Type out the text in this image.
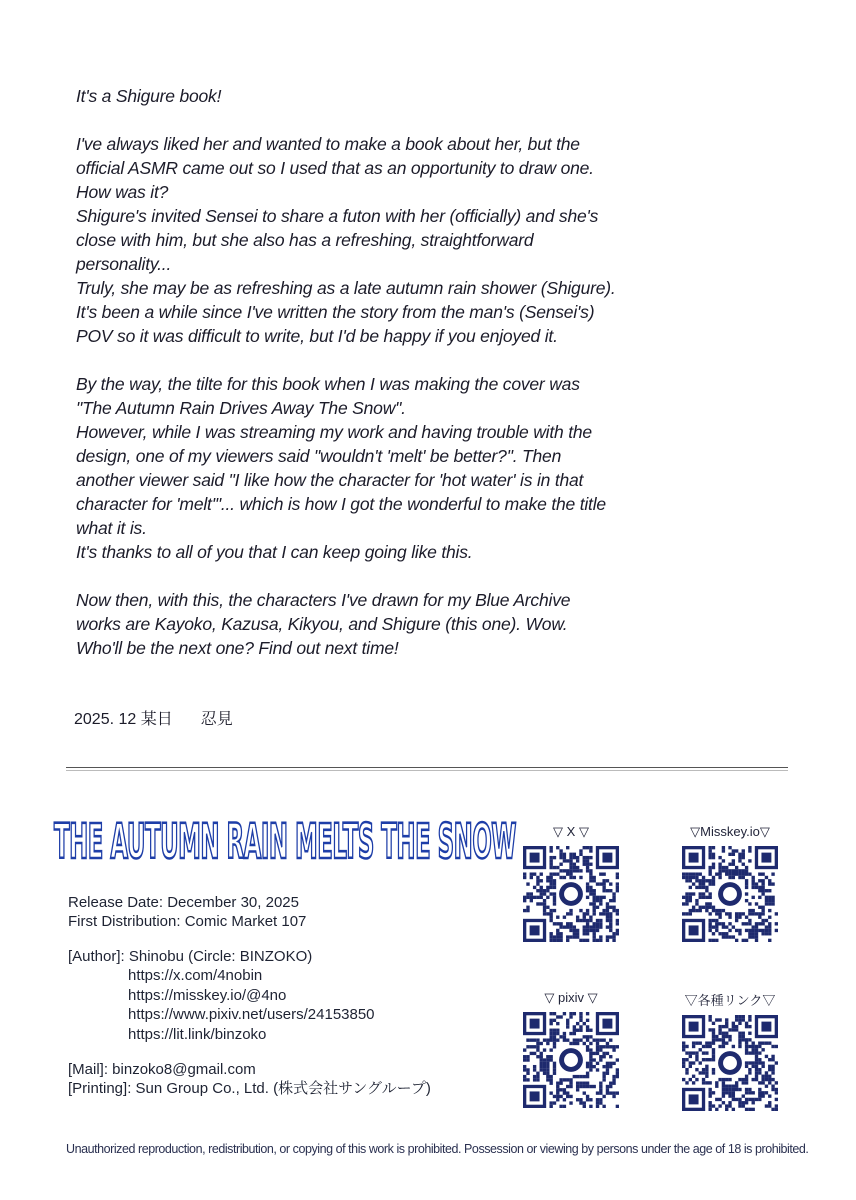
It's a Shigure book!

I've always liked her and wanted to make a book about her, but the
official ASMR came out so I used that as an opportunity to draw one.
How was it?
Shigure's invited Sensei to share a futon with her (officially) and she's
close with him, but she also has a refreshing, straightforward
personality...
Truly, she may be as refreshing as a late autumn rain shower (Shigure).
It's been a while since I've written the story from the man's (Sensei's)
POV so it was difficult to write, but I'd be happy if you enjoyed it.

By the way, the tilte for this book when I was making the cover was
"The Autumn Rain Drives Away The Snow".
However, while I was streaming my work and having trouble with the
design, one of my viewers said "wouldn't 'melt' be better?". Then
another viewer said "I like how the character for 'hot water' is in that
character for 'melt'"... which is how I got the wonderful to make the title
what it is.
It's thanks to all of you that I can keep going like this.

Now then, with this, the characters I've drawn for my Blue Archive
works are Kayoko, Kazusa, Kikyou, and Shigure (this one). Wow.
Who'll be the next one? Find out next time!

2025. 12 某日 忍見
THE AUTUMN RAIN MELTS THE SNOW
Release Date: December 30, 2025
First Distribution: Comic Market 107
[Author]: Shinobu (Circle: BINZOKO)
https://x.com/4nobin
https://misskey.io/@4no
https://www.pixiv.net/users/24153850
https://lit.link/binzoko
[Mail]: binzoko8@gmail.com
[Printing]: Sun Group Co., Ltd. (株式会社サングループ)
▽ X ▽	▽Misskey.io▽
▽ pixiv ▽	▽各種リンク▽
Unauthorized reproduction, redistribution, or copying of this work is prohibited. Possession or viewing by persons under the age of 18 is prohibited.
